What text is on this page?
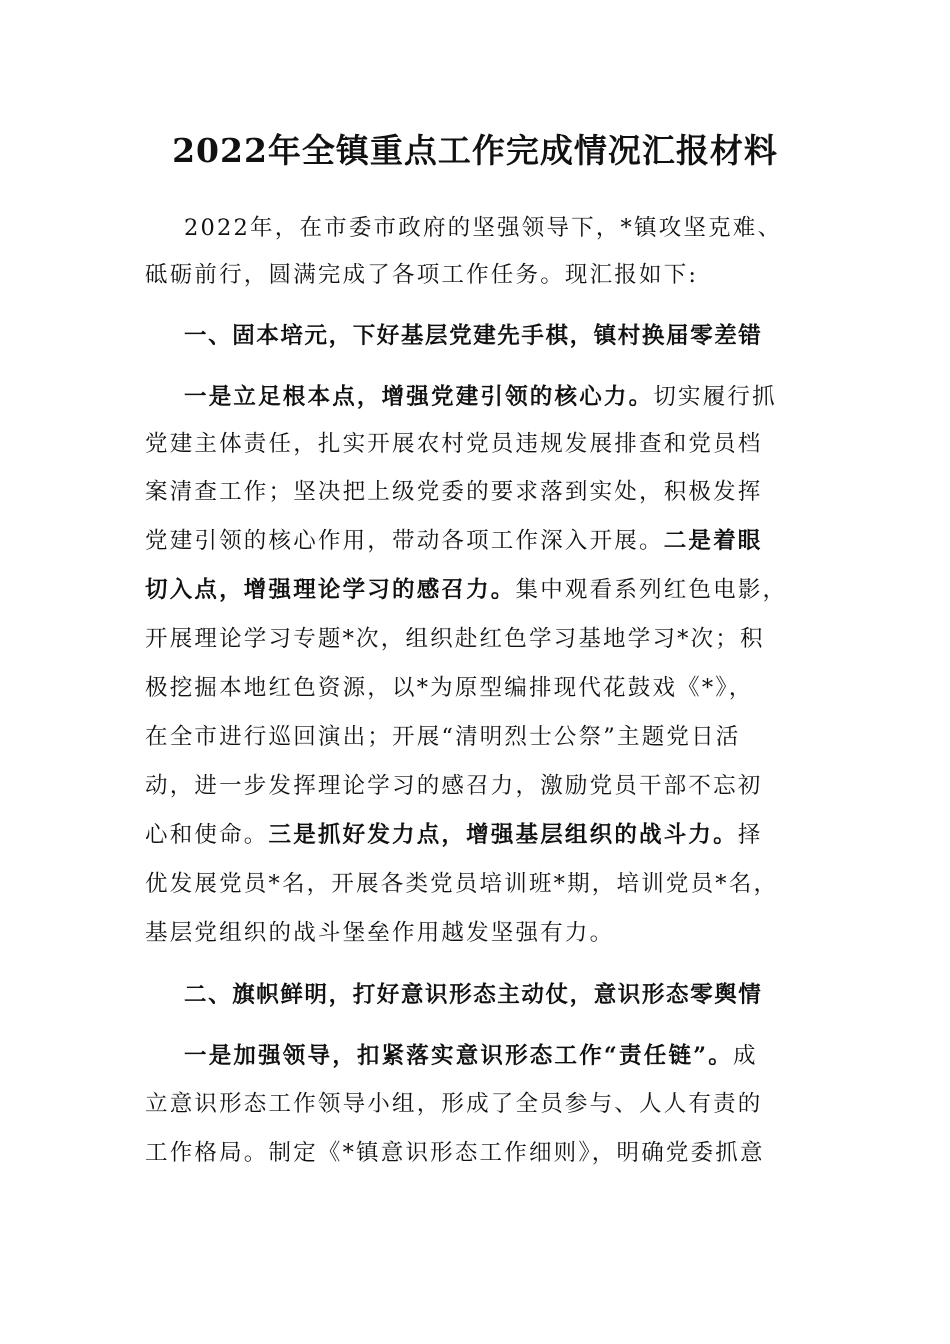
2022年全镇重点工作完成情况汇报材料
2022年，在市委市政府的坚强领导下，*镇攻坚克难、
砥砺前行，圆满完成了各项工作任务。现汇报如下:
一、固本培元，下好基层党建先手棋，镇村换届零差错
一是立足根本点，增强党建引领的核心力。切实履行抓
党建主体责任，扎实开展农村党员违规发展排查和党员档
案清查工作；坚决把上级党委的要求落到实处，积极发挥
党建引领的核心作用，带动各项工作深入开展。二是着眼
切入点，增强理论学习的感召力。集中观看系列红色电影，
开展理论学习专题*次，组织赴红色学习基地学习*次；积
极挖掘本地红色资源，以*为原型编排现代花鼓戏《*》，
在全市进行巡回演出；开展“清明烈士公祭”主题党日活
动，进一步发挥理论学习的感召力，激励党员干部不忘初
心和使命。三是抓好发力点，增强基层组织的战斗力。择
优发展党员*名，开展各类党员培训班*期，培训党员*名，
基层党组织的战斗堡垒作用越发坚强有力。
二、旗帜鲜明，打好意识形态主动仗，意识形态零舆情
一是加强领导，扣紧落实意识形态工作“责任链”。成
立意识形态工作领导小组，形成了全员参与、人人有责的
工作格局。制定《*镇意识形态工作细则》，明确党委抓意
